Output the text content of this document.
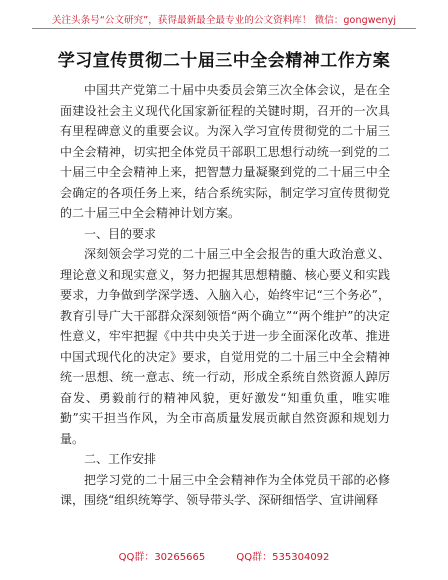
关注头条号“公文研究”，获得最新最全最专业的公文资料库！ 微信：gongwenyj
学习宣传贯彻二十届三中全会精神工作方案

中国共产党第二十届中央委员会第三次全体会议，是在全面建设社会主义现代化国家新征程的关键时期，召开的一次具有里程碑意义的重要会议。为深入学习宣传贯彻党的二十届三中全会精神，切实把全体党员干部职工思想行动统一到党的二十届三中全会精神上来，把智慧力量凝聚到党的二十届三中全会确定的各项任务上来，结合系统实际，制定学习宣传贯彻党的二十届三中全会精神计划方案。

一、目的要求

深刻领会学习党的二十届三中全会报告的重大政治意义、理论意义和现实意义，努力把握其思想精髓、核心要义和实践要求，力争做到学深学透、入脑入心，始终牢记“三个务必”，教育引导广大干部群众深刻领悟“两个确立”“两个维护”的决定性意义，牢牢把握《中共中央关于进一步全面深化改革、推进中国式现代化的决定》要求，自觉用党的二十届三中全会精神统一思想、统一意志、统一行动，形成全系统自然资源人踔厉奋发、勇毅前行的精神风貌，更好激发“知重负重，唯实唯勤”实干担当作风，为全市高质量发展贡献自然资源和规划力量。

二、工作安排

把学习党的二十届三中全会精神作为全体党员干部的必修课，围绕“组织统筹学、领导带头学、深研细悟学、宣讲阐释

QQ群：30265665	QQ群：535304092
